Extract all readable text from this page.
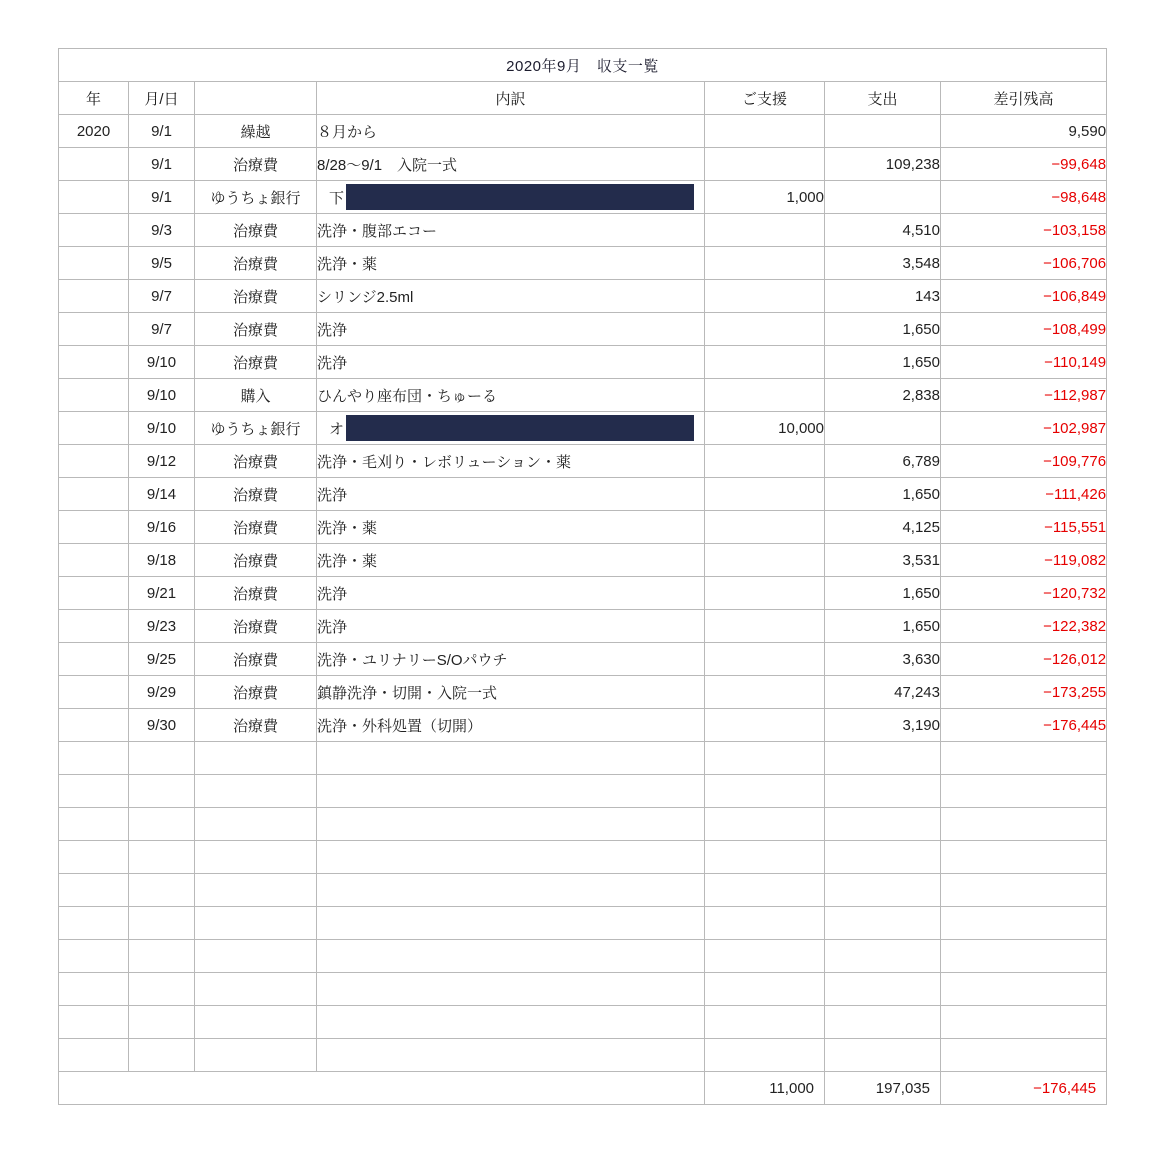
2020年9月　収支一覧						
年	月/日		内訳	ご支援	支出	差引残高
2020	9/1	繰越	８月から			9,590
	9/1	治療費	8/28〜9/1　入院一式		109,238	−99,648
	9/1	ゆうちょ銀行	下	1,000		−98,648
	9/3	治療費	洗浄・腹部エコー		4,510	−103,158
	9/5	治療費	洗浄・薬		3,548	−106,706
	9/7	治療費	シリンジ2.5ml		143	−106,849
	9/7	治療費	洗浄		1,650	−108,499
	9/10	治療費	洗浄		1,650	−110,149
	9/10	購入	ひんやり座布団・ちゅーる		2,838	−112,987
	9/10	ゆうちょ銀行	オ	10,000		−102,987
	9/12	治療費	洗浄・毛刈り・レボリューション・薬		6,789	−109,776
	9/14	治療費	洗浄		1,650	−111,426
	9/16	治療費	洗浄・薬		4,125	−115,551
	9/18	治療費	洗浄・薬		3,531	−119,082
	9/21	治療費	洗浄		1,650	−120,732
	9/23	治療費	洗浄		1,650	−122,382
	9/25	治療費	洗浄・ユリナリーS/Oパウチ		3,630	−126,012
	9/29	治療費	鎮静洗浄・切開・入院一式		47,243	−173,255
	9/30	治療費	洗浄・外科処置（切開）		3,190	−176,445

合　計				11,000	197,035	−176,445
